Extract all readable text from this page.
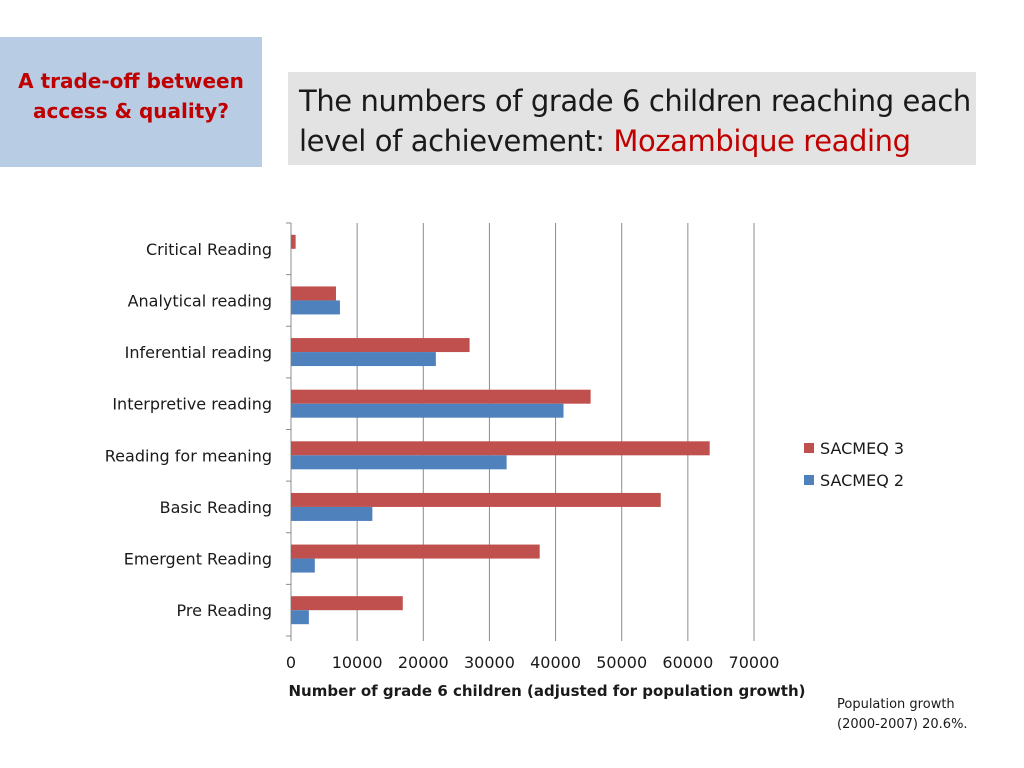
A trade-off between access & quality?	The numbers of grade 6 children reaching each level of achievement: Mozambique reading
Critical Reading
Analytical reading
Inferential reading
Interpretive reading
Reading for meaning
Basic Reading
Emergent Reading
Pre Reading
0 10000 20000 30000 40000 50000 60000 70000
Number of grade 6 children (adjusted for population growth)
SACMEQ 3
SACMEQ 2
Population growth
(2000-2007) 20.6%.
